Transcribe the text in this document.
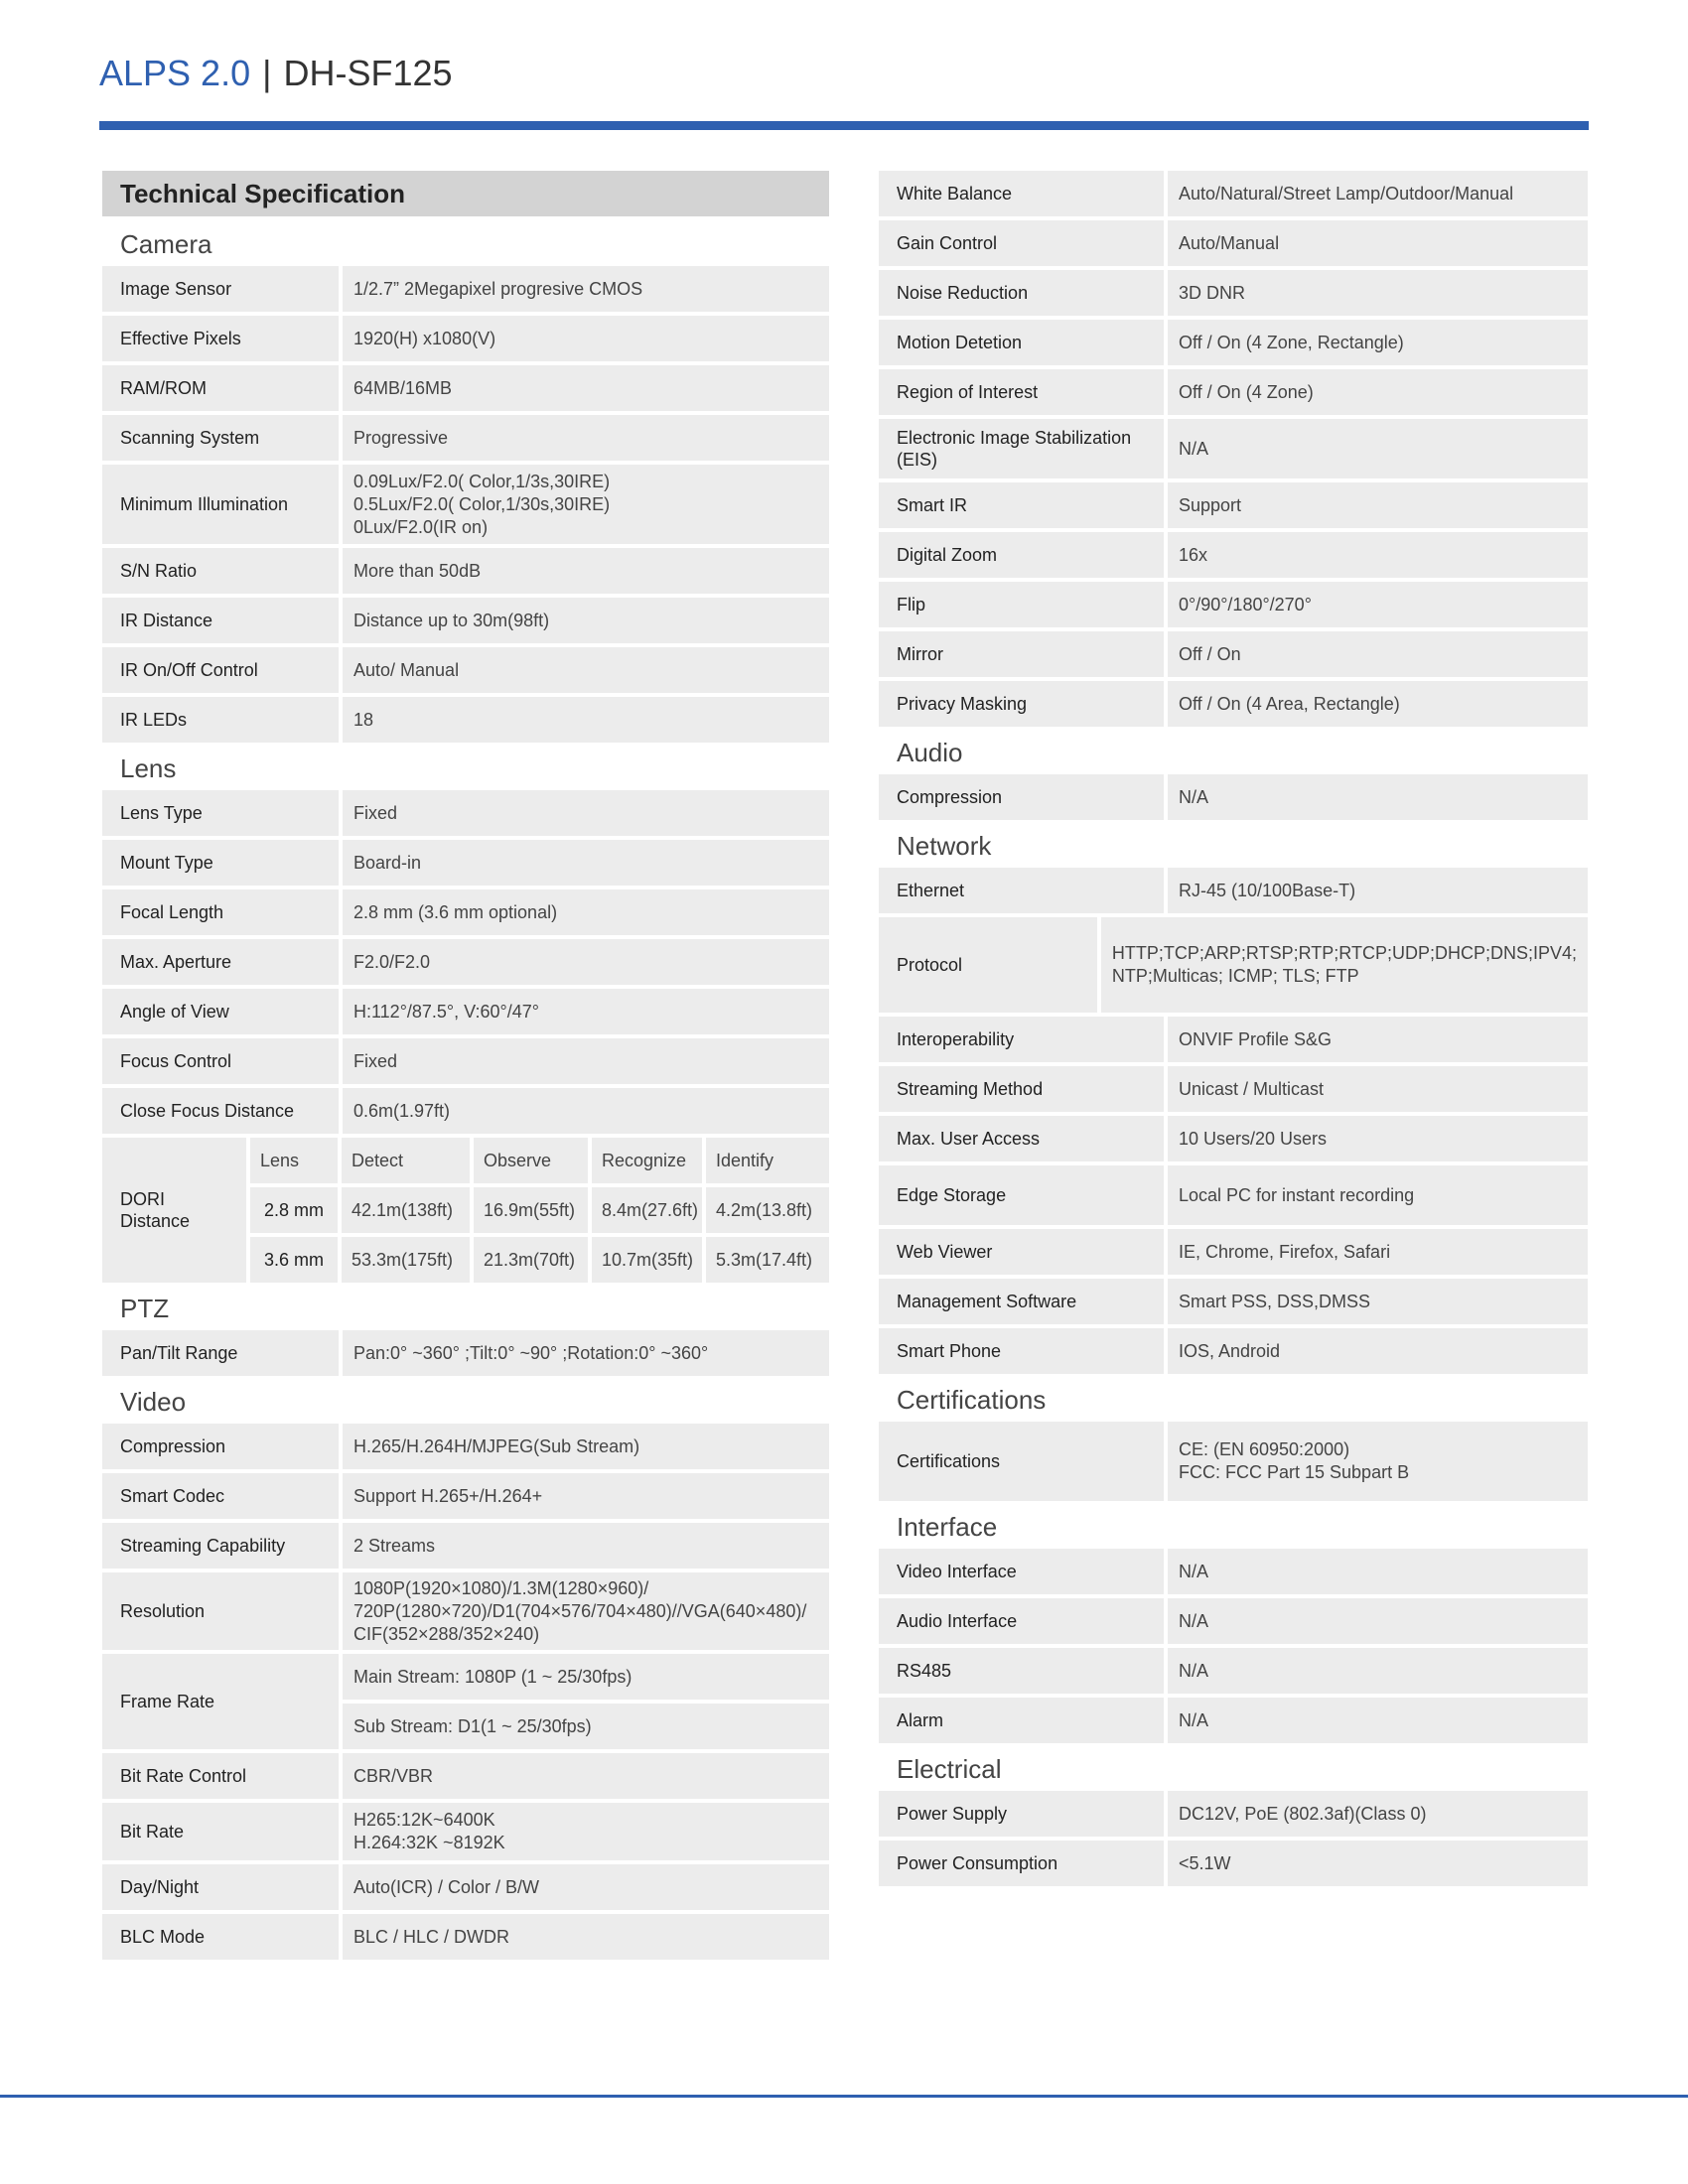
ALPS 2.0 | DH-SF125
Technical Specification
Camera
Image Sensor	1/2.7” 2Megapixel progresive CMOS
Effective Pixels	1920(H) x1080(V)
RAM/ROM	64MB/16MB
Scanning System	Progressive
Minimum Illumination
0.09Lux/F2.0( Color,1/3s,30IRE)
0.5Lux/F2.0( Color,1/30s,30IRE)
0Lux/F2.0(IR on)
S/N Ratio	More than 50dB
IR Distance	Distance up to 30m(98ft)
IR On/Off Control	Auto/ Manual
IR LEDs	18
Lens
Lens Type	Fixed
Mount Type	Board-in
Focal Length	2.8 mm (3.6 mm optional)
Max. Aperture	F2.0/F2.0
Angle of View	H:112°/87.5°, V:60°/47°
Focus Control	Fixed
Close Focus Distance	0.6m(1.97ft)
DORI Distance
Lens	Detect	Observe	Recognize	Identify
2.8 mm	42.1m(138ft)	16.9m(55ft)	8.4m(27.6ft) 4.2m(13.8ft)
3.6 mm	53.3m(175ft)	21.3m(70ft)	10.7m(35ft)	5.3m(17.4ft)
PTZ
Pan/Tilt Range	Pan:0° ~360° ;Tilt:0° ~90° ;Rotation:0° ~360°
Video
Compression	H.265/H.264H/MJPEG(Sub Stream)
Smart Codec	Support H.265+/H.264+
Streaming Capability	2 Streams
Resolution
1080P(1920×1080)/1.3M(1280×960)/
720P(1280×720)/D1(704×576/704×480)//VGA(640×480)/
CIF(352×288/352×240)
Frame Rate
Main Stream: 1080P (1 ~ 25/30fps)
Sub Stream: D1(1 ~ 25/30fps)
Bit Rate Control	CBR/VBR
Bit Rate
H265:12K~6400K
H.264:32K ~8192K
Day/Night	Auto(ICR) / Color / B/W
BLC Mode	BLC / HLC / DWDR
White Balance	Auto/Natural/Street Lamp/Outdoor/Manual
Gain Control	Auto/Manual
Noise Reduction	3D DNR
Motion Detetion	Off / On (4 Zone, Rectangle)
Region of Interest	Off / On (4 Zone)
Electronic Image Stabilization (EIS)
N/A
Smart IR	Support
Digital Zoom	16x
Flip	0°/90°/180°/270°
Mirror	Off / On
Privacy Masking	Off / On (4 Area, Rectangle)
Audio
Compression	N/A
Network
Ethernet	RJ-45 (10/100Base-T)
Protocol
HTTP;TCP;ARP;RTSP;RTP;RTCP;UDP;DHCP;DNS;IPV4;
NTP;Multicas; ICMP; TLS; FTP
Interoperability	ONVIF Profile S&G
Streaming Method	Unicast / Multicast
Max. User Access	10 Users/20 Users
Edge Storage	Local PC for instant recording
Web Viewer	IE, Chrome, Firefox, Safari
Management Software	Smart PSS, DSS,DMSS
Smart Phone	IOS, Android
Certifications
Certifications
CE: (EN 60950:2000)
FCC: FCC Part 15 Subpart B
Interface
Video Interface	N/A
Audio Interface	N/A
RS485	N/A
Alarm	N/A
Electrical
Power Supply	DC12V, PoE (802.3af)(Class 0)
Power Consumption	<5.1W
